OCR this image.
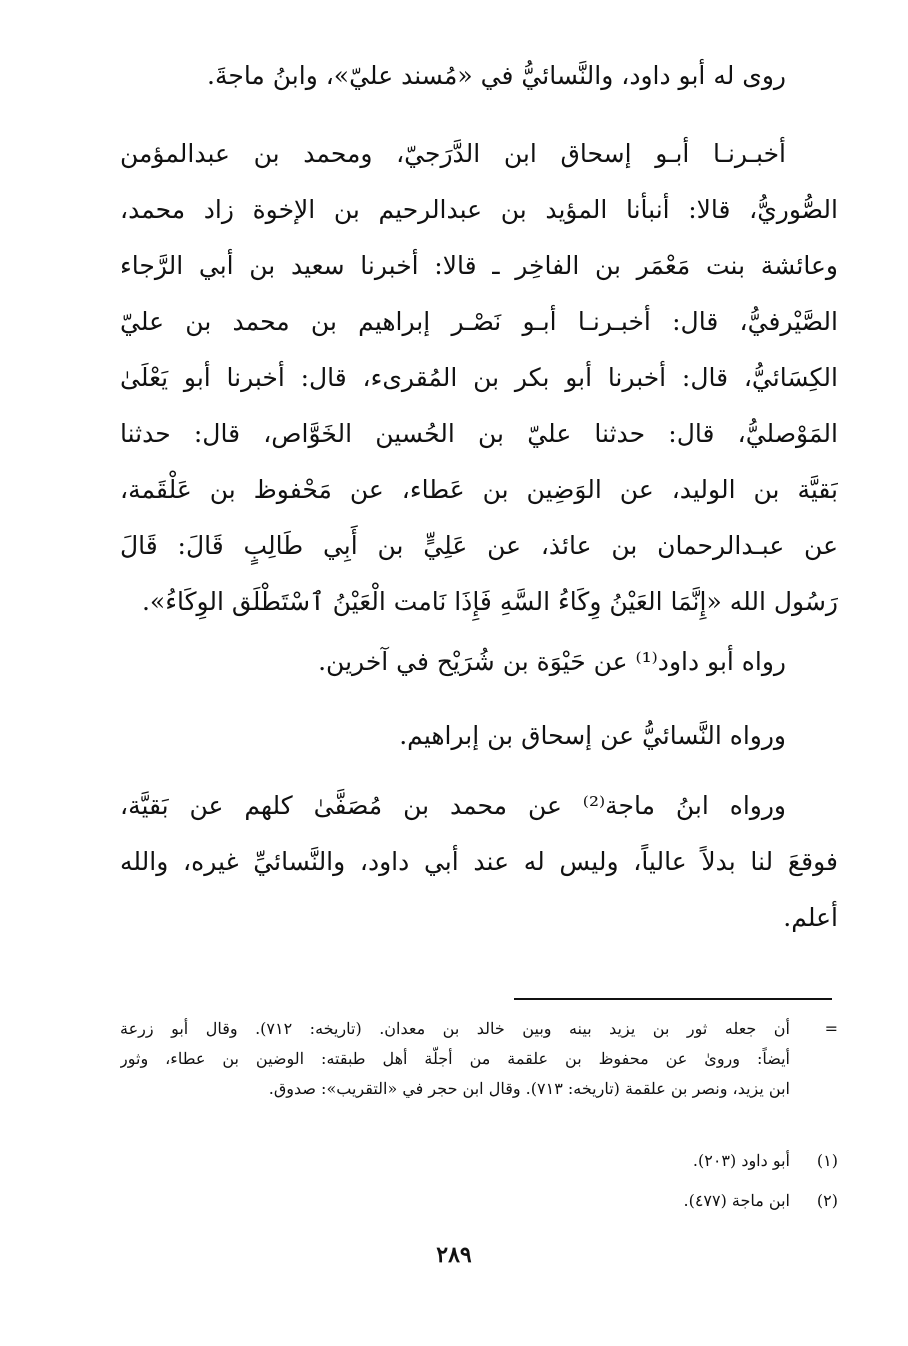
روى له أبو داود، والنَّسائيُّ في «مُسند عليّ»، وابنُ ماجةَ.
أخبـرنـا أبـو إسحاق ابن الدَّرَجيّ، ومحمد بن عبدالمؤمن
الصُّوريُّ، قالا: أنبأنا المؤيد بن عبدالرحيم بن الإخوة زاد محمد،
وعائشة بنت مَعْمَر بن الفاخِر ـ قالا: أخبرنا سعيد بن أبي الرَّجاء
الصَّيْرفيُّ، قال: أخبـرنـا أبـو نَصْـر إبراهيم بن محمد بن عليّ
الكِسَائيُّ، قال: أخبرنا أبو بكر بن المُقرىء، قال: أخبرنا أبو يَعْلَىٰ
المَوْصليُّ، قال: حدثنا عليّ بن الحُسين الخَوَّاص، قال: حدثنا
بَقيَّة بن الوليد، عن الوَضِين بن عَطاء، عن مَحْفوظ بن عَلْقَمة،
عن عبـدالرحمان بن عائذ، عن عَلِيٍّ بن أَبِي طَالِبٍ قَالَ: قَالَ
رَسُول الله «إِنَّمَا العَيْنُ وِكَاءُ السَّهِ فَإِذَا نَامت الْعَيْنُ ٱسْتَطْلَق الوِكَاءُ».
رواه أبو داود⁽¹⁾ عن حَيْوَة بن شُرَيْح في آخرين.
ورواه النَّسائيُّ عن إسحاق بن إبراهيم.
ورواه ابنُ ماجة⁽²⁾ عن محمد بن مُصَفَّىٰ كلهم عن بَقيَّة،
فوقعَ لنا بدلاً عالياً، وليس له عند أبي داود، والنَّسائيِّ غيره، والله
أعلم.
=
أن جعله ثور بن يزيد بينه وبين خالد بن معدان. (تاريخه: ٧١٢). وقال أبو زرعة
أيضاً: وروىٰ عن محفوظ بن علقمة من أجلّة أهل طبقته: الوضين بن عطاء، وثور
ابن يزيد، ونصر بن علقمة (تاريخه: ٧١٣). وقال ابن حجر في «التقريب»: صدوق.
(١)
أبو داود (٢٠٣).
(٢)
ابن ماجة (٤٧٧).
٢٨٩
